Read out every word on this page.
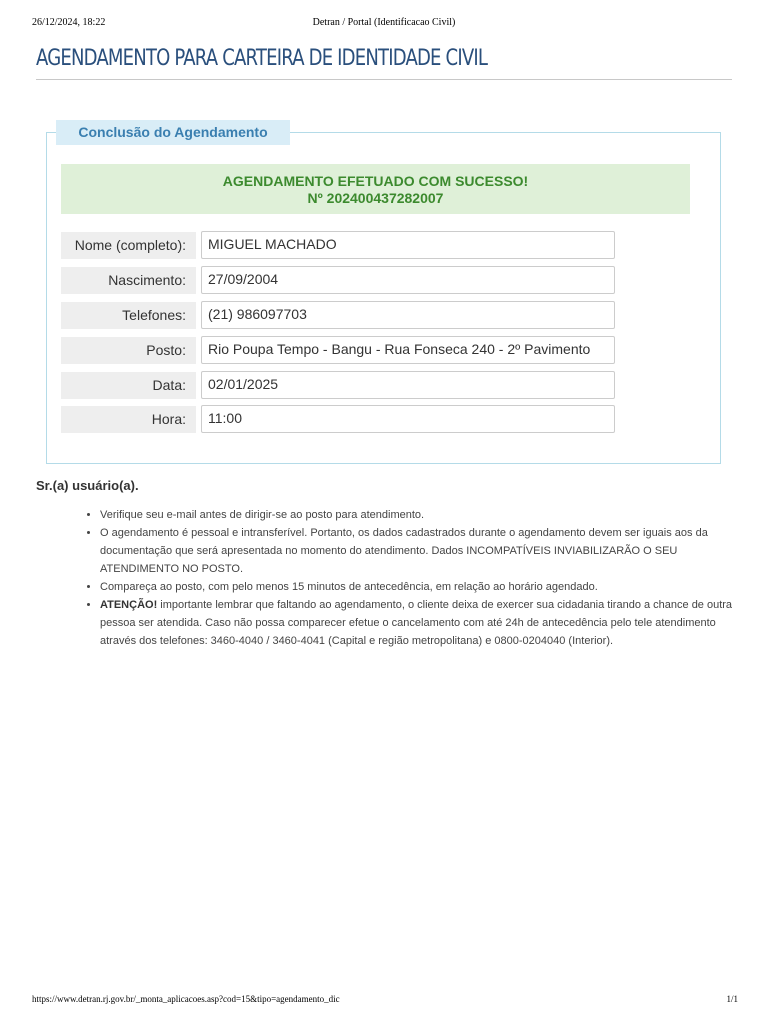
26/12/2024, 18:22	Detran / Portal (Identificacao Civil)
AGENDAMENTO PARA CARTEIRA DE IDENTIDADE CIVIL
Conclusão do Agendamento
AGENDAMENTO EFETUADO COM SUCESSO!
Nº 202400437282007
Nome (completo):	MIGUEL MACHADO
Nascimento:	27/09/2004
Telefones:	(21) 986097703
Posto:	Rio Poupa Tempo - Bangu - Rua Fonseca 240 - 2º Pavimento
Data:	02/01/2025
Hora:	11:00
Sr.(a) usuário(a).
• Verifique seu e-mail antes de dirigir-se ao posto para atendimento.
• O agendamento é pessoal e intransferível. Portanto, os dados cadastrados durante o agendamento devem ser iguais aos da documentação que será apresentada no momento do atendimento. Dados INCOMPATÍVEIS INVIABILIZARÃO O SEU ATENDIMENTO NO POSTO.
• Compareça ao posto, com pelo menos 15 minutos de antecedência, em relação ao horário agendado.
• ATENÇÃO! importante lembrar que faltando ao agendamento, o cliente deixa de exercer sua cidadania tirando a chance de outra pessoa ser atendida. Caso não possa comparecer efetue o cancelamento com até 24h de antecedência pelo tele atendimento através dos telefones: 3460-4040 / 3460-4041 (Capital e região metropolitana) e 0800-0204040 (Interior).
https://www.detran.rj.gov.br/_monta_aplicacoes.asp?cod=15&tipo=agendamento_dic	1/1
